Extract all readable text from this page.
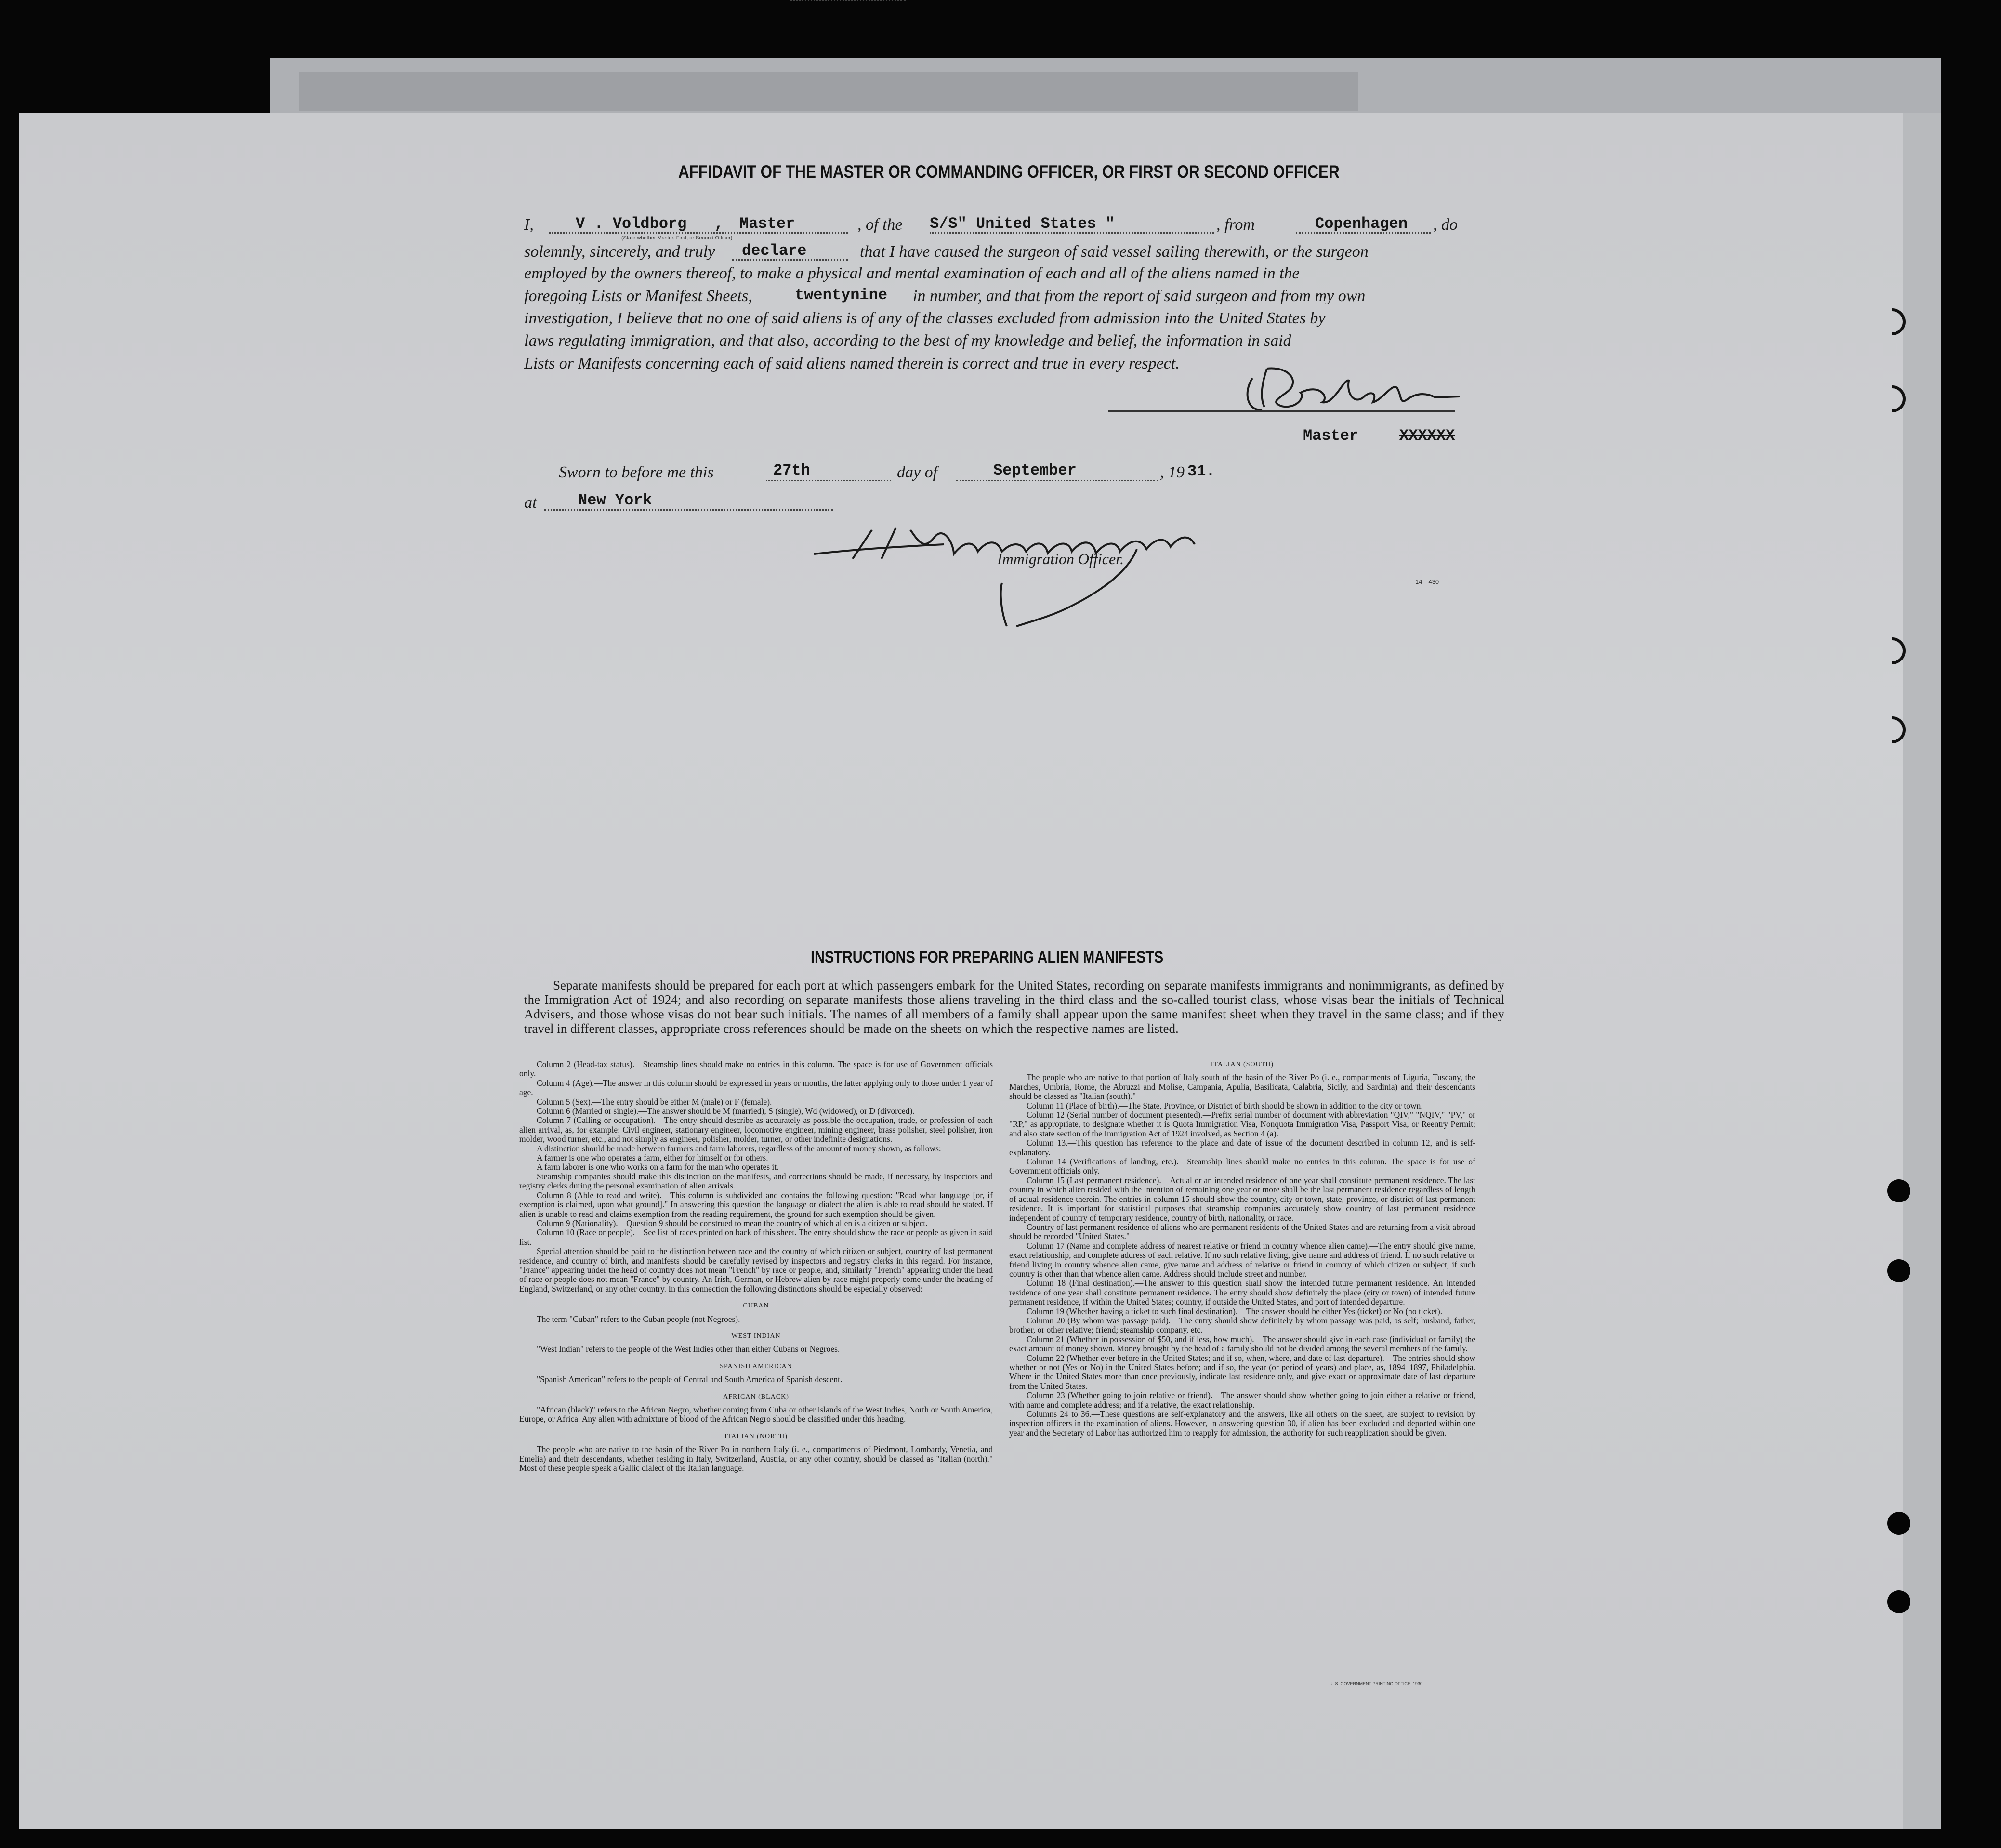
AFFIDAVIT OF THE MASTER OR COMMANDING OFFICER, OR FIRST OR SECOND OFFICER
I,	V . Voldborg , Master
(State whether Master, First, or Second Officer)
, of the S/S" United States "	, from	Copenhagen , do
solemnly, sincerely, and truly declare	that I have caused the surgeon of said vessel sailing therewith, or the surgeon
employed by the owners thereof, to make a physical and mental examination of each and all of the aliens named in the
foregoing Lists or Manifest Sheets,	twentynine in number, and that from the report of said surgeon and from my own
investigation, I believe that no one of said aliens is of any of the classes excluded from admission into the United States by
laws regulating immigration, and that also, according to the best of my knowledge and belief, the information in said
Lists or Manifests concerning each of said aliens named therein is correct and true in every respect.
Master	XXXXXX
Sworn to before me this	27th	day of	September	, 19 31.
at	New York
Immigration Officer.
14—430
INSTRUCTIONS FOR PREPARING ALIEN MANIFESTS

Separate manifests should be prepared for each port at which passengers embark for the United States, recording on separate manifests immigrants and nonimmigrants, as defined by the Immigration Act of 1924; and also recording on separate manifests those aliens traveling in the third class and the so-called tourist class, whose visas bear the initials of Technical Advisers, and those whose visas do not bear such initials. The names of all members of a family shall appear upon the same manifest sheet when they travel in the same class; and if they travel in different classes, appropriate cross references should be made on the sheets on which the respective names are listed.

Column 2 (Head-tax status).—Steamship lines should make no entries in this column. The space is for use of Government officials only.

Column 4 (Age).—The answer in this column should be expressed in years or months, the latter applying only to those under 1 year of age.

Column 5 (Sex).—The entry should be either M (male) or F (female).

Column 6 (Married or single).—The answer should be M (married), S (single), Wd (widowed), or D (divorced).

Column 7 (Calling or occupation).—The entry should describe as accurately as possible the occupation, trade, or profession of each alien arrival, as, for example: Civil engineer, stationary engineer, locomotive engineer, mining engineer, brass polisher, steel polisher, iron molder, wood turner, etc., and not simply as engineer, polisher, molder, turner, or other indefinite designations.

A distinction should be made between farmers and farm laborers, regardless of the amount of money shown, as follows:

A farmer is one who operates a farm, either for himself or for others.

A farm laborer is one who works on a farm for the man who operates it.

Steamship companies should make this distinction on the manifests, and corrections should be made, if necessary, by inspectors and registry clerks during the personal examination of alien arrivals.

Column 8 (Able to read and write).—This column is subdivided and contains the following question: "Read what language [or, if exemption is claimed, upon what ground]." In answering this question the language or dialect the alien is able to read should be stated. If alien is unable to read and claims exemption from the reading requirement, the ground for such exemption should be given.

Column 9 (Nationality).—Question 9 should be construed to mean the country of which alien is a citizen or subject.

Column 10 (Race or people).—See list of races printed on back of this sheet. The entry should show the race or people as given in said list.

Special attention should be paid to the distinction between race and the country of which citizen or subject, country of last permanent residence, and country of birth, and manifests should be carefully revised by inspectors and registry clerks in this regard. For instance, "France" appearing under the head of country does not mean "French" by race or people, and, similarly "French" appearing under the head of race or people does not mean "France" by country. An Irish, German, or Hebrew alien by race might properly come under the heading of England, Switzerland, or any other country. In this connection the following distinctions should be especially observed:

CUBAN

The term "Cuban" refers to the Cuban people (not Negroes).

WEST INDIAN

"West Indian" refers to the people of the West Indies other than either Cubans or Negroes.

SPANISH AMERICAN

"Spanish American" refers to the people of Central and South America of Spanish descent.

AFRICAN (BLACK)

"African (black)" refers to the African Negro, whether coming from Cuba or other islands of the West Indies, North or South America, Europe, or Africa. Any alien with admixture of blood of the African Negro should be classified under this heading.

ITALIAN (NORTH)

The people who are native to the basin of the River Po in northern Italy (i. e., compartments of Piedmont, Lombardy, Venetia, and Emelia) and their descendants, whether residing in Italy, Switzerland, Austria, or any other country, should be classed as "Italian (north)." Most of these people speak a Gallic dialect of the Italian language.

ITALIAN (SOUTH)

The people who are native to that portion of Italy south of the basin of the River Po (i. e., compartments of Liguria, Tuscany, the Marches, Umbria, Rome, the Abruzzi and Molise, Campania, Apulia, Basilicata, Calabria, Sicily, and Sardinia) and their descendants should be classed as "Italian (south)."

Column 11 (Place of birth).—The State, Province, or District of birth should be shown in addition to the city or town.

Column 12 (Serial number of document presented).—Prefix serial number of document with abbreviation "QIV," "NQIV," "PV," or "RP," as appropriate, to designate whether it is Quota Immigration Visa, Nonquota Immigration Visa, Passport Visa, or Reentry Permit; and also state section of the Immigration Act of 1924 involved, as Section 4 (a).

Column 13.—This question has reference to the place and date of issue of the document described in column 12, and is self-explanatory.

Column 14 (Verifications of landing, etc.).—Steamship lines should make no entries in this column. The space is for use of Government officials only.

Column 15 (Last permanent residence).—Actual or an intended residence of one year shall constitute permanent residence. The last country in which alien resided with the intention of remaining one year or more shall be the last permanent residence regardless of length of actual residence therein. The entries in column 15 should show the country, city or town, state, province, or district of last permanent residence. It is important for statistical purposes that steamship companies accurately show country of last permanent residence independent of country of temporary residence, country of birth, nationality, or race.

Country of last permanent residence of aliens who are permanent residents of the United States and are returning from a visit abroad should be recorded "United States."

Column 17 (Name and complete address of nearest relative or friend in country whence alien came).—The entry should give name, exact relationship, and complete address of each relative. If no such relative living, give name and address of friend. If no such relative or friend living in country whence alien came, give name and address of relative or friend in country of which citizen or subject, if such country is other than that whence alien came. Address should include street and number.

Column 18 (Final destination).—The answer to this question shall show the intended future permanent residence. An intended residence of one year shall constitute permanent residence. The entry should show definitely the place (city or town) of intended future permanent residence, if within the United States; country, if outside the United States, and port of intended departure.

Column 19 (Whether having a ticket to such final destination).—The answer should be either Yes (ticket) or No (no ticket).

Column 20 (By whom was passage paid).—The entry should show definitely by whom passage was paid, as self; husband, father, brother, or other relative; friend; steamship company, etc.

Column 21 (Whether in possession of $50, and if less, how much).—The answer should give in each case (individual or family) the exact amount of money shown. Money brought by the head of a family should not be divided among the several members of the family.

Column 22 (Whether ever before in the United States; and if so, when, where, and date of last departure).—The entries should show whether or not (Yes or No) in the United States before; and if so, the year (or period of years) and place, as, 1894–1897, Philadelphia. Where in the United States more than once previously, indicate last residence only, and give exact or approximate date of last departure from the United States.

Column 23 (Whether going to join relative or friend).—The answer should show whether going to join either a relative or friend, with name and complete address; and if a relative, the exact relationship.

Columns 24 to 36.—These questions are self-explanatory and the answers, like all others on the sheet, are subject to revision by inspection officers in the examination of aliens. However, in answering question 30, if alien has been excluded and deported within one year and the Secretary of Labor has authorized him to reapply for admission, the authority for such reapplication should be given.

U. S. GOVERNMENT PRINTING OFFICE: 1930
